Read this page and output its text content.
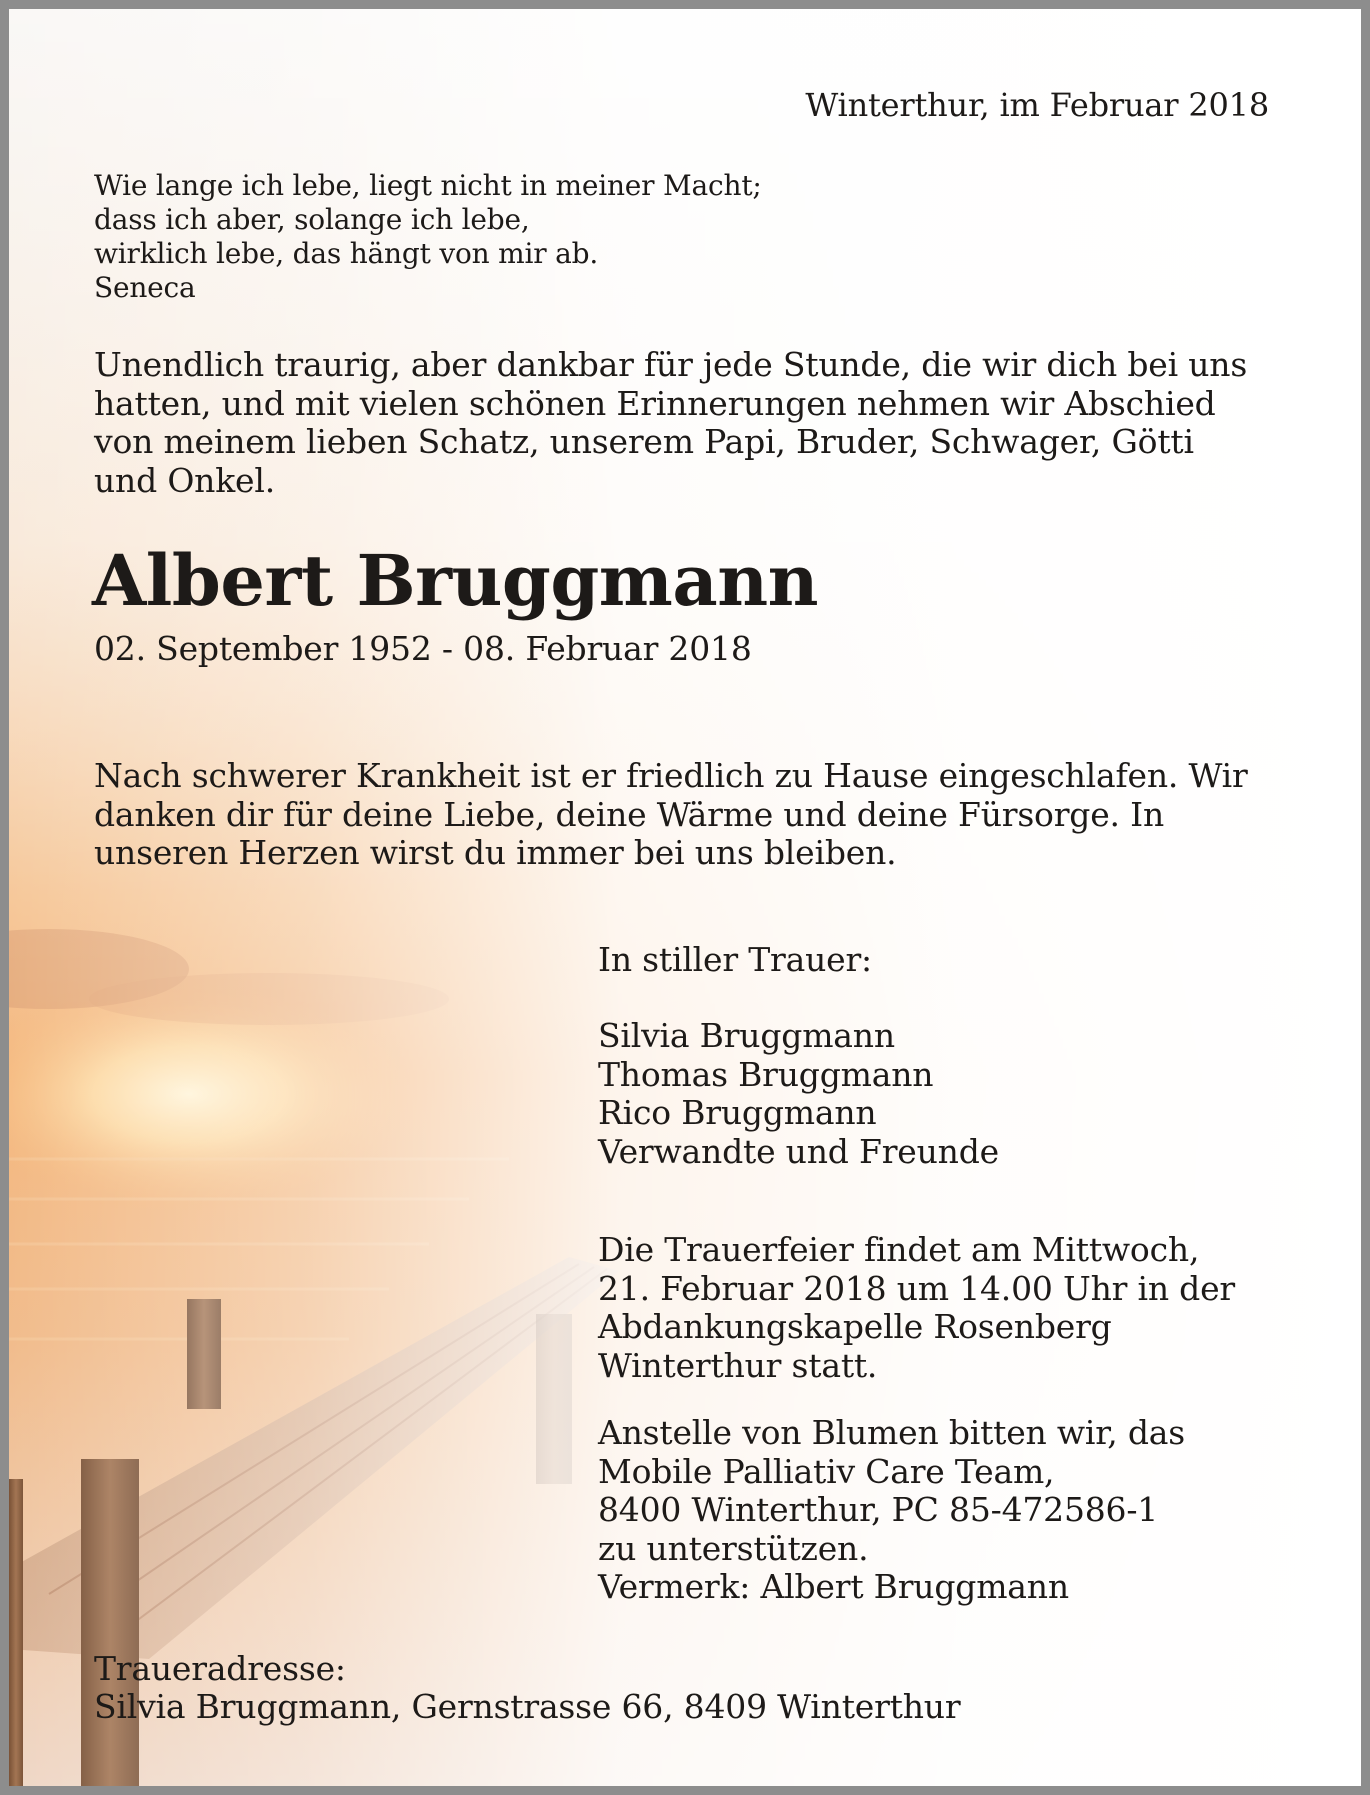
Winterthur, im Februar 2018

Wie lange ich lebe, liegt nicht in meiner Macht;
dass ich aber, solange ich lebe,
wirklich lebe, das hängt von mir ab.
Seneca

Unendlich traurig, aber dankbar für jede Stunde, die wir dich bei uns
hatten, und mit vielen schönen Erinnerungen nehmen wir Abschied
von meinem lieben Schatz, unserem Papi, Bruder, Schwager, Götti
und Onkel.

Albert Bruggmann

02. September 1952 - 08. Februar 2018

Nach schwerer Krankheit ist er friedlich zu Hause eingeschlafen. Wir
danken dir für deine Liebe, deine Wärme und deine Fürsorge. In
unseren Herzen wirst du immer bei uns bleiben.

In stiller Trauer:

Silvia Bruggmann
Thomas Bruggmann
Rico Bruggmann
Verwandte und Freunde

Die Trauerfeier findet am Mittwoch,
21. Februar 2018 um 14.00 Uhr in der
Abdankungskapelle Rosenberg
Winterthur statt.

Anstelle von Blumen bitten wir, das
Mobile Palliativ Care Team,
8400 Winterthur, PC 85-472586-1
zu unterstützen.
Vermerk: Albert Bruggmann

Traueradresse:

Silvia Bruggmann, Gernstrasse 66, 8409 Winterthur
